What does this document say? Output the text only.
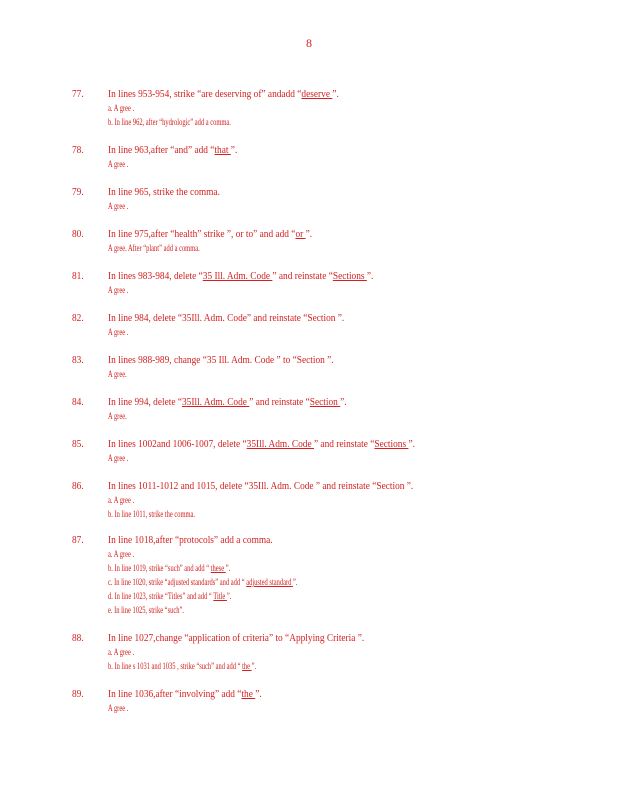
8
77. In lines 953-954, strike “are deserving of” andadd “deserve ”.
a. A gree .
b. In line 962, after “hydrologic” add a comma.
78. In line 963,after “and” add “that ”.
A gree .
79. In line 965, strike the comma.
A gree .
80. In line 975,after “health” strike ”, or to” and add “or ”.
A gree. After “plant” add a comma.
81. In lines 983-984, delete “35 Ill. Adm. Code ” and reinstate “Sections ”.
A gree .
82. In line 984, delete “35Ill. Adm. Code” and reinstate “Section ”.
A gree .
83. In lines 988-989, change “35 Ill. Adm. Code ” to “Section ”.
A gree.
84. In line 994, delete “35Ill. Adm. Code ” and reinstate “Section ”.
A gree.
85. In lines 1002and 1006-1007, delete “35Ill. Adm. Code ” and reinstate “Sections ”.
A gree .
86. In lines 1011-1012 and 1015, delete “35Ill. Adm. Code ” and reinstate “Section ”.
a. A gree .
b. In line 1011, strike the comma.
87. In line 1018,after “protocols” add a comma.
a. A gree .
b. In line 1019, strike “such” and add “ these ”.
c. In line 1020, strike “adjusted standards” and add “ adjusted standard ”.
d. In line 1023, strike “Titles” and add “ Title ”.
e. In line 1025, strike “such”.
88. In line 1027,change “application of criteria” to “Applying Criteria ”.
a. A gree .
b. In line s 1031 and 1035 , strike “such” and add “ the ”.
89. In line 1036,after “involving” add “the ”.
A gree .
